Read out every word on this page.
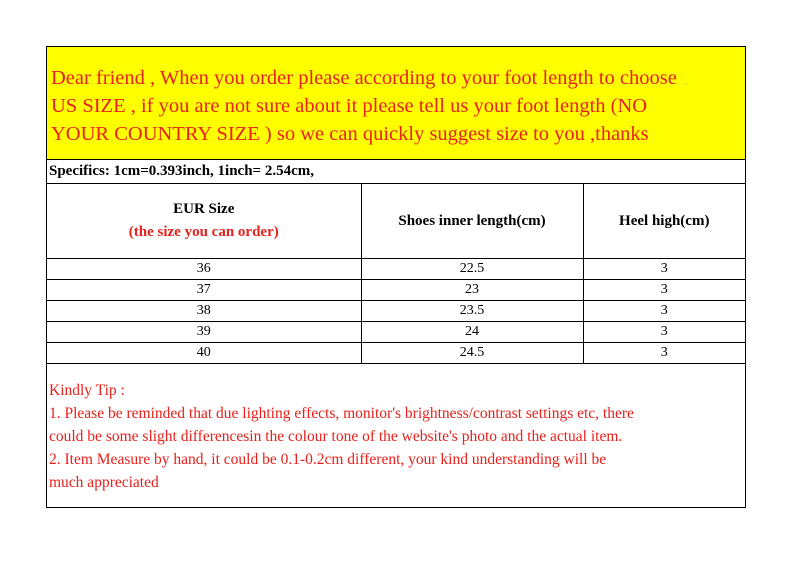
Dear friend , When you order please according to your foot length to choose
US SIZE , if you are not sure about it please tell us your foot length (NO
YOUR COUNTRY SIZE ) so we can quickly suggest size to you ,thanks
Specifics: 1cm=0.393inch, 1inch= 2.54cm,
EUR Size
(the size you can order)	Shoes inner length(cm)	Heel high(cm)
36	22.5	3
37	23	3
38	23.5	3
39	24	3
40	24.5	3
Kindly Tip :
1. Please be reminded that due lighting effects, monitor's brightness/contrast settings etc, there
could be some slight differencesin the colour tone of the website's photo and the actual item.
2. Item Measure by hand, it could be 0.1-0.2cm different, your kind understanding will be
much appreciated
